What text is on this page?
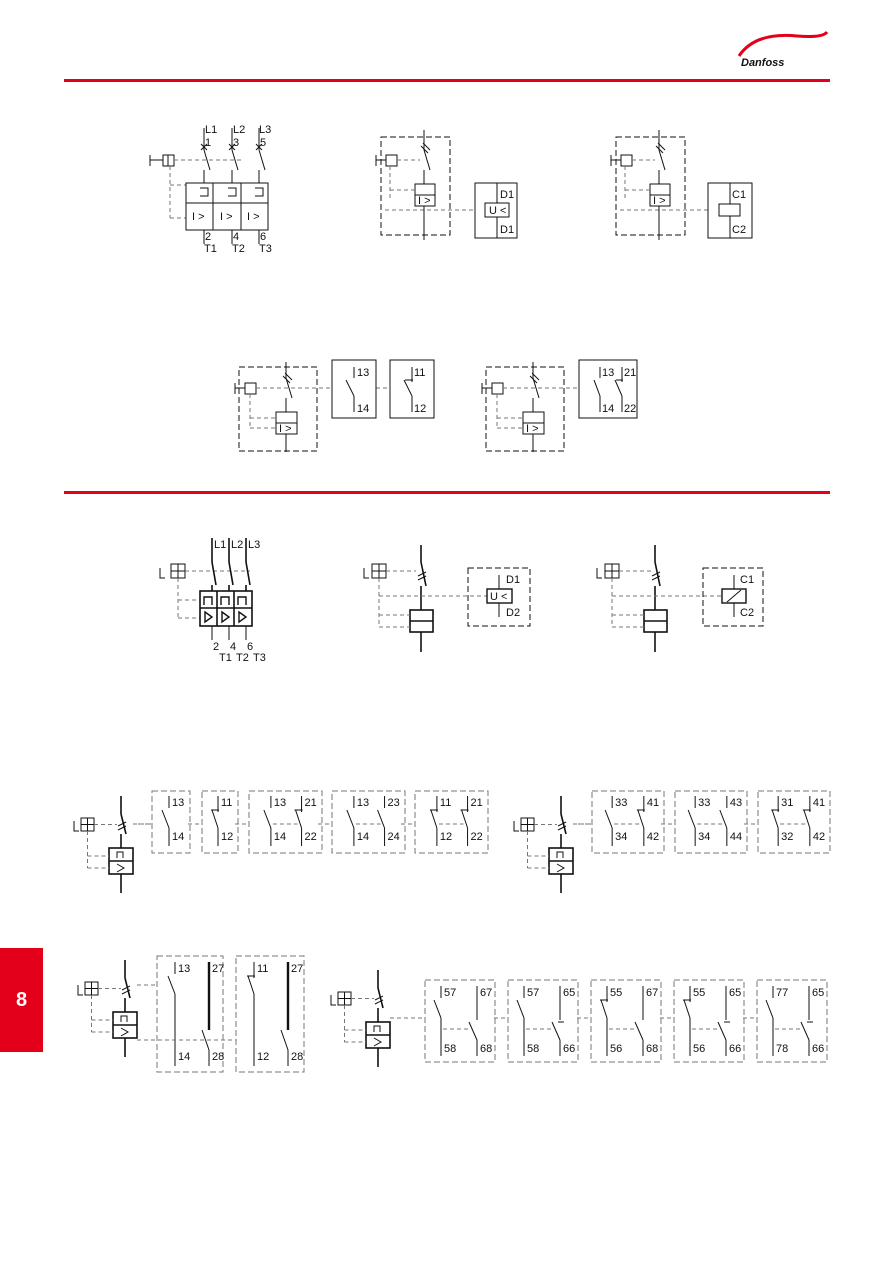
Danfoss
8
L1 L2 L3
1 3 5
I > I > I >
2 4 6
T1 T2 T3
I >	D1
U <
D1
I >	C1
C2
I >
13
14
11
12
I >
13 21
14 22
L1 L2 L3
2 4 6
T1 T2 T3
D1
U <
D2
C1
C2
13
14
11
12
13 21
14 22
13 23
14 24
11 21
12 22
33 41
34 42
33 43
34 44
31 41
32 42
13 27
14 28
11 27
12 28
57 67
58 68
57 65
58 66
55 67
56 68
55 65
56 66
77 65
78 66
